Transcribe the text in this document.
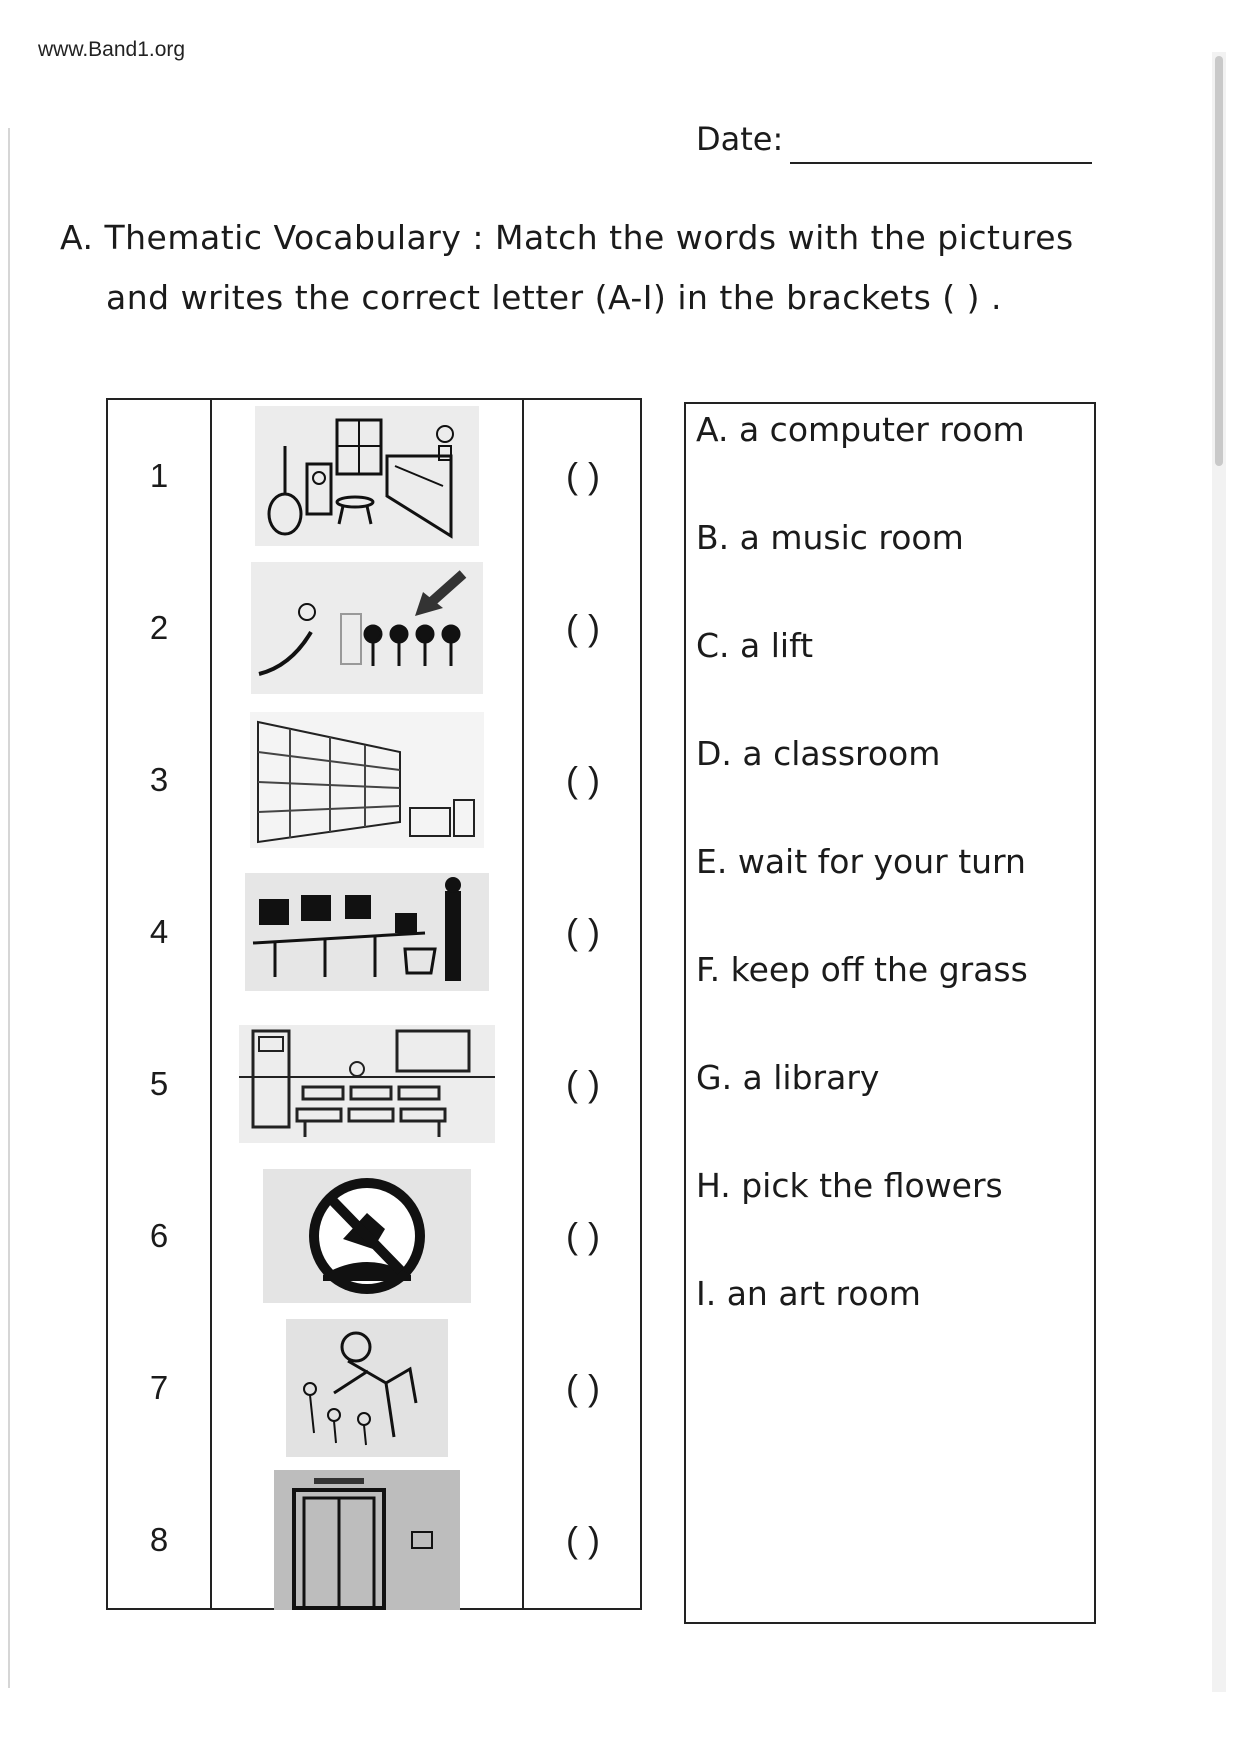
www.Band1.org
Date:
A. Thematic Vocabulary : Match the words with the pictures
and writes the correct letter (A-I) in the brackets ( ) .
1	( )
2	( )
3	( )
4	( )
5	( )
6	( )
7	( )
8	( )
A. a computer room
B. a music room
C. a lift
D. a classroom
E. wait for your turn
F. keep off the grass
G. a library
H. pick the flowers
I. an art room
